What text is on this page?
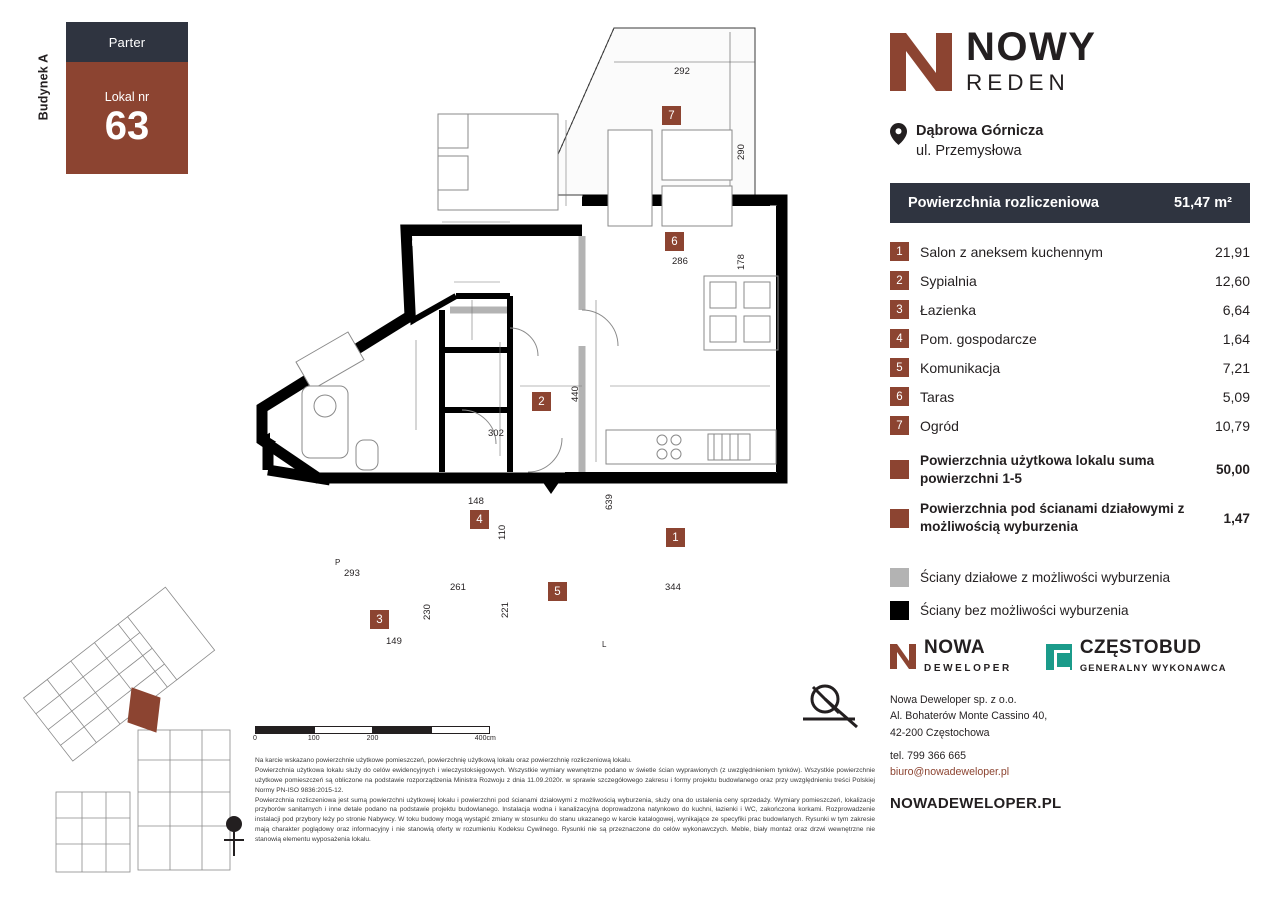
Budynek A
Parter
Lokal nr
63	7
6
2
1
4
3
5
292
290
178
286
440
302
639
148
110
293
230
149
221
261	344
P
L
0	100	200	400cm

Na karcie wskazano powierzchnie użytkowe pomieszczeń, powierzchnię użytkową lokalu oraz powierzchnię rozliczeniową lokalu.

Powierzchnia użytkowa lokalu służy do celów ewidencyjnych i wieczystoksięgowych. Wszystkie wymiary wewnętrzne podano w świetle ścian wyprawionych (z uwzględnieniem tynków). Wszystkie powierzchnie użytkowe pomieszczeń są obliczone na podstawie rozporządzenia Ministra Rozwoju z dnia 11.09.2020r. w sprawie szczegółowego zakresu i formy projektu budowlanego oraz przy uwzględnieniu treści Polskiej Normy PN-ISO 9836:2015-12.

Powierzchnia rozliczeniowa jest sumą powierzchni użytkowej lokalu i powierzchni pod ścianami działowymi z możliwością wyburzenia, służy ona do ustalenia ceny sprzedaży. Wymiary pomieszczeń, lokalizacje przyborów sanitarnych i inne detale podano na podstawie projektu budowlanego. Instalacja wodna i kanalizacyjna doprowadzona natynkowo do kuchni, łazienki i WC, zakończona korkami. Rozprowadzenie instalacji pod przybory leży po stronie Nabywcy. W toku budowy mogą wystąpić zmiany w stosunku do stanu ukazanego w karcie katalogowej, wynikające ze specyfiki prac budowlanych. Rysunki w tym zakresie mają charakter poglądowy oraz informacyjny i nie stanowią oferty w rozumieniu Kodeksu Cywilnego. Rysunki nie są przeznaczone do celów wykonawczych. Meble, biały montaż oraz drzwi wewnętrzne nie stanowią elementu wyposażenia lokalu.

NOWY
REDEN
Dąbrowa Górnicza
ul. Przemysłowa
Powierzchnia rozliczeniowa	51,47 m²
1	Salon z aneksem kuchennym	21,91
2	Sypialnia	12,60
3	Łazienka	6,64
4	Pom. gospodarcze	1,64
5	Komunikacja	7,21
6	Taras	5,09
7	Ogród	10,79
Powierzchnia użytkowa lokalu suma powierzchni 1-5
50,00
Powierzchnia pod ścianami działowymi z możliwością wyburzenia
1,47
Ściany działowe z możliwości wyburzenia
Ściany bez możliwości wyburzenia
NOWA
DEWELOPER
CZĘSTOBUD
GENERALNY WYKONAWCA
Nowa Deweloper sp. z o.o.
Al. Bohaterów Monte Cassino 40,
42-200 Częstochowa
tel. 799 366 665
biuro@nowadeweloper.pl
NOWADEWELOPER.PL
